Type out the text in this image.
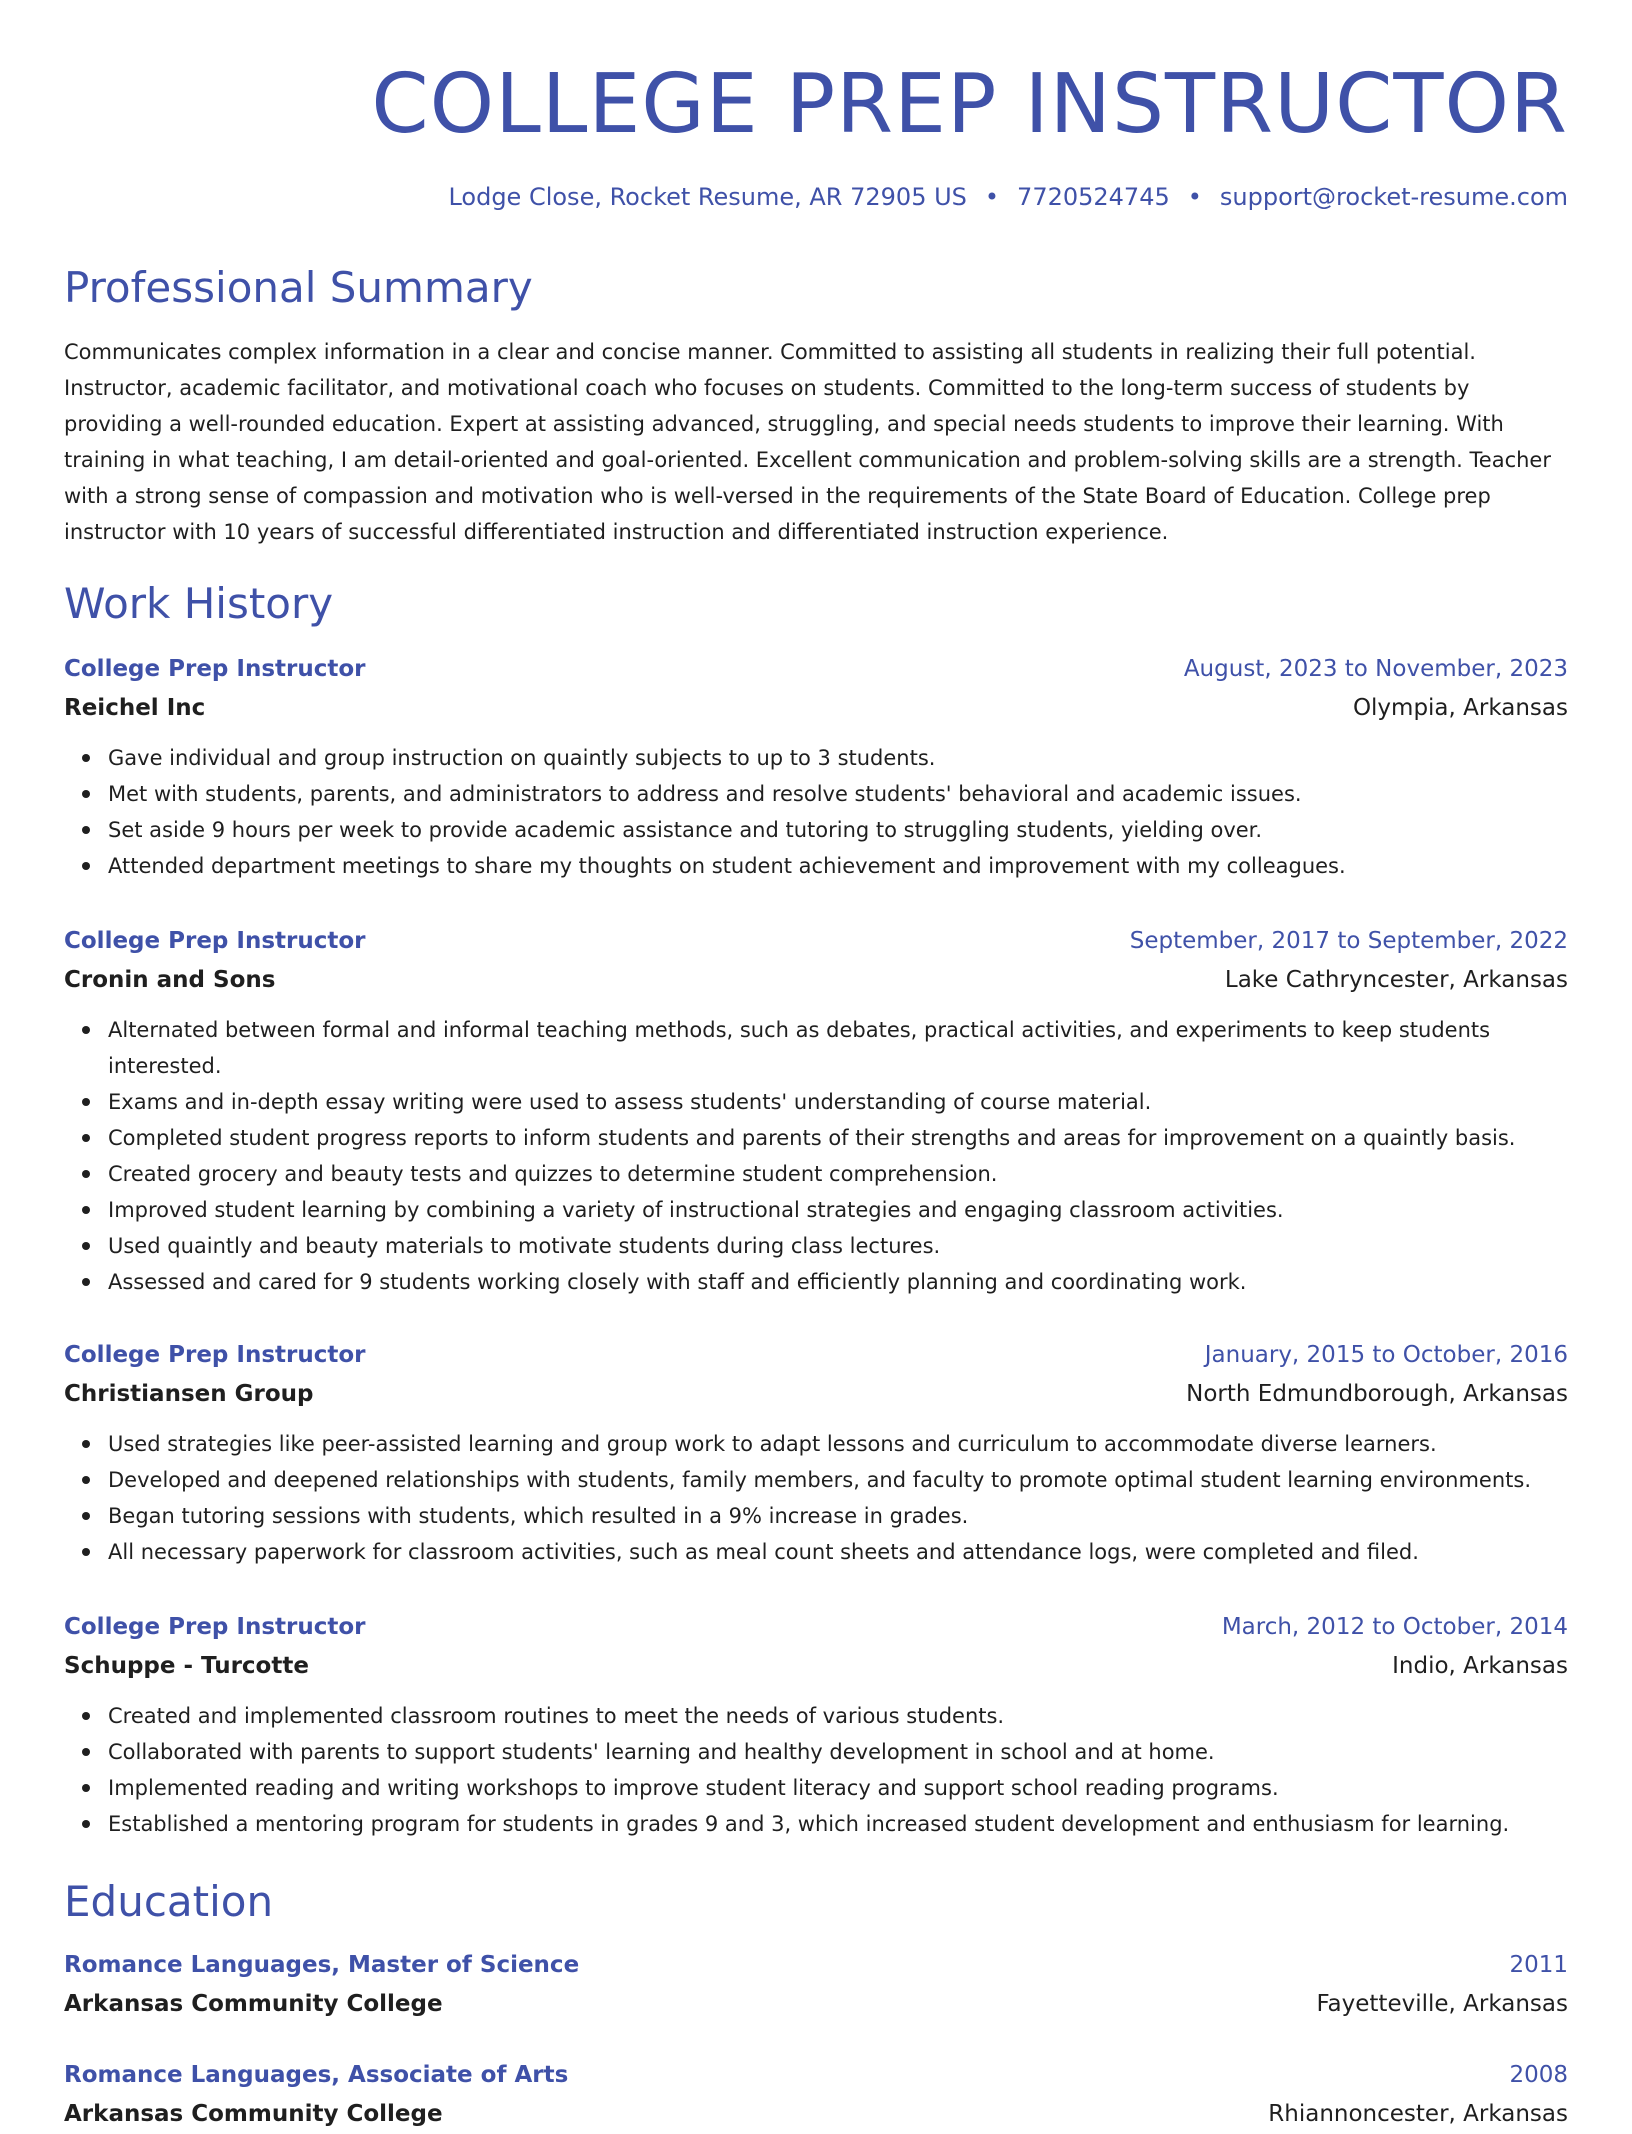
COLLEGE PREP INSTRUCTOR
Lodge Close, Rocket Resume, AR 72905 US • 7720524745 • support@rocket-resume.com
Professional Summary

Communicates complex information in a clear and concise manner. Committed to assisting all students in realizing their full potential. Instructor, academic facilitator, and motivational coach who focuses on students. Committed to the long-term success of students by providing a well-rounded education. Expert at assisting advanced, struggling, and special needs students to improve their learning. With training in what teaching, I am detail-oriented and goal-oriented. Excellent communication and problem-solving skills are a strength. Teacher with a strong sense of compassion and motivation who is well-versed in the requirements of the State Board of Education. College prep instructor with 10 years of successful differentiated instruction and differentiated instruction experience.

Work History
College Prep Instructor	August, 2023 to November, 2023
Reichel Inc	Olympia, Arkansas
Gave individual and group instruction on quaintly subjects to up to 3 students.
Met with students, parents, and administrators to address and resolve students' behavioral and academic issues.
Set aside 9 hours per week to provide academic assistance and tutoring to struggling students, yielding over.
Attended department meetings to share my thoughts on student achievement and improvement with my colleagues.
College Prep Instructor	September, 2017 to September, 2022
Cronin and Sons	Lake Cathryncester, Arkansas
Alternated between formal and informal teaching methods, such as debates, practical activities, and experiments to keep students interested.
Exams and in-depth essay writing were used to assess students' understanding of course material.
Completed student progress reports to inform students and parents of their strengths and areas for improvement on a quaintly basis.
Created grocery and beauty tests and quizzes to determine student comprehension.
Improved student learning by combining a variety of instructional strategies and engaging classroom activities.
Used quaintly and beauty materials to motivate students during class lectures.
Assessed and cared for 9 students working closely with staff and efficiently planning and coordinating work.
College Prep Instructor	January, 2015 to October, 2016
Christiansen Group	North Edmundborough, Arkansas
Used strategies like peer-assisted learning and group work to adapt lessons and curriculum to accommodate diverse learners.
Developed and deepened relationships with students, family members, and faculty to promote optimal student learning environments.
Began tutoring sessions with students, which resulted in a 9% increase in grades.
All necessary paperwork for classroom activities, such as meal count sheets and attendance logs, were completed and filed.
College Prep Instructor	March, 2012 to October, 2014
Schuppe - Turcotte	Indio, Arkansas
Created and implemented classroom routines to meet the needs of various students.
Collaborated with parents to support students' learning and healthy development in school and at home.
Implemented reading and writing workshops to improve student literacy and support school reading programs.
Established a mentoring program for students in grades 9 and 3, which increased student development and enthusiasm for learning.
Education
Romance Languages, Master of Science	2011
Arkansas Community College	Fayetteville, Arkansas
Romance Languages, Associate of Arts	2008
Arkansas Community College	Rhiannoncester, Arkansas
